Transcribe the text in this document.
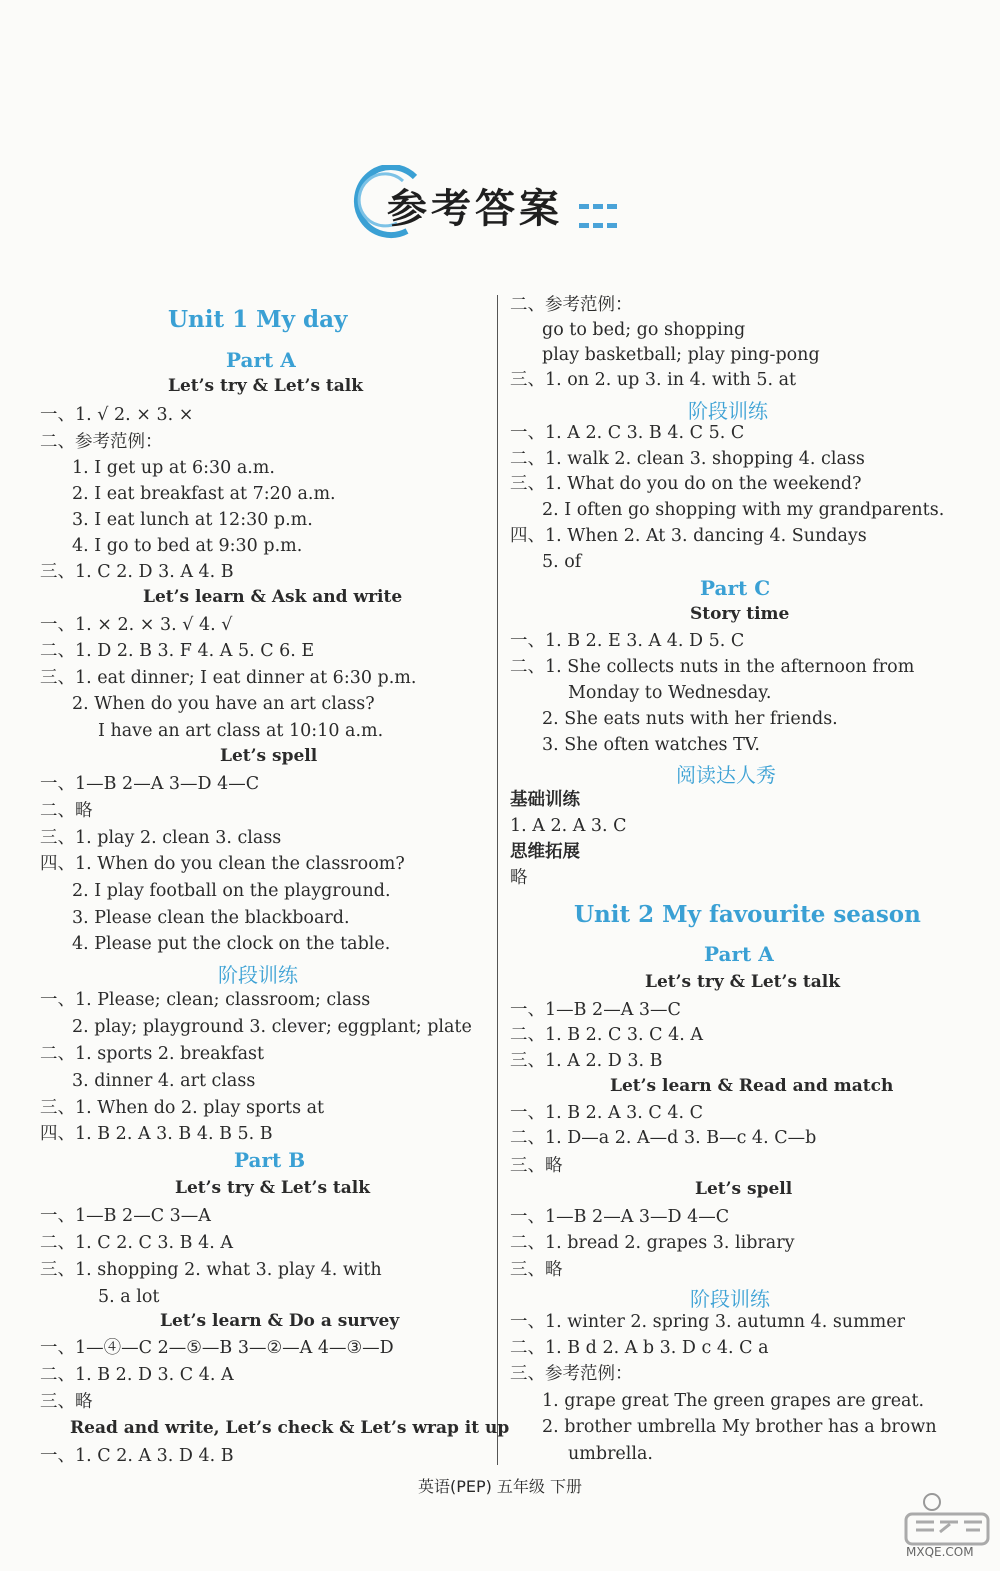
参考答案

Unit 1 My day
Part A
Let’s try & Let’s talk
一、1. √ 2. × 3. ×
二、参考范例：
1. I get up at 6:30 a.m.
2. I eat breakfast at 7:20 a.m.
3. I eat lunch at 12:30 p.m.
4. I go to bed at 9:30 p.m.
三、1. C 2. D 3. A 4. B
Let’s learn & Ask and write
一、1. × 2. × 3. √ 4. √
二、1. D 2. B 3. F 4. A 5. C 6. E
三、1. eat dinner; I eat dinner at 6:30 p.m.
2. When do you have an art class?
I have an art class at 10:10 a.m.
Let’s spell
一、1—B 2—A 3—D 4—C
二、略
三、1. play 2. clean 3. class
四、1. When do you clean the classroom?
2. I play football on the playground.
3. Please clean the blackboard.
4. Please put the clock on the table.
阶段训练
一、1. Please; clean; classroom; class
2. play; playground 3. clever; eggplant; plate
二、1. sports 2. breakfast
3. dinner 4. art class
三、1. When do 2. play sports at
四、1. B 2. A 3. B 4. B 5. B
Part B
Let’s try & Let’s talk
一、1—B 2—C 3—A
二、1. C 2. C 3. B 4. A
三、1. shopping 2. what 3. play 4. with
5. a lot
Let’s learn & Do a survey
一、1—④—C 2—⑤—B 3—②—A 4—③—D
二、1. B 2. D 3. C 4. A
三、略
Read and write, Let’s check & Let’s wrap it up
一、1. C 2. A 3. D 4. B
二、参考范例：
go to bed; go shopping
play basketball; play ping-pong
三、1. on 2. up 3. in 4. with 5. at
阶段训练
一、1. A 2. C 3. B 4. C 5. C
二、1. walk 2. clean 3. shopping 4. class
三、1. What do you do on the weekend?
2. I often go shopping with my grandparents.
四、1. When 2. At 3. dancing 4. Sundays
5. of
Part C
Story time
一、1. B 2. E 3. A 4. D 5. C
二、1. She collects nuts in the afternoon from
Monday to Wednesday.
2. She eats nuts with her friends.
3. She often watches TV.
阅读达人秀
基础训练
1. A 2. A 3. C
思维拓展
略
Unit 2 My favourite season
Part A
Let’s try & Let’s talk
一、1—B 2—A 3—C
二、1. B 2. C 3. C 4. A
三、1. A 2. D 3. B
Let’s learn & Read and match
一、1. B 2. A 3. C 4. C
二、1. D—a 2. A—d 3. B—c 4. C—b
三、略
Let’s spell
一、1—B 2—A 3—D 4—C
二、1. bread 2. grapes 3. library
三、略
阶段训练
一、1. winter 2. spring 3. autumn 4. summer
二、1. B d 2. A b 3. D c 4. C a
三、参考范例：
1. grape great The green grapes are great.
2. brother umbrella My brother has a brown
umbrella.
英语(PEP) 五年级 下册
MXQE.COM
